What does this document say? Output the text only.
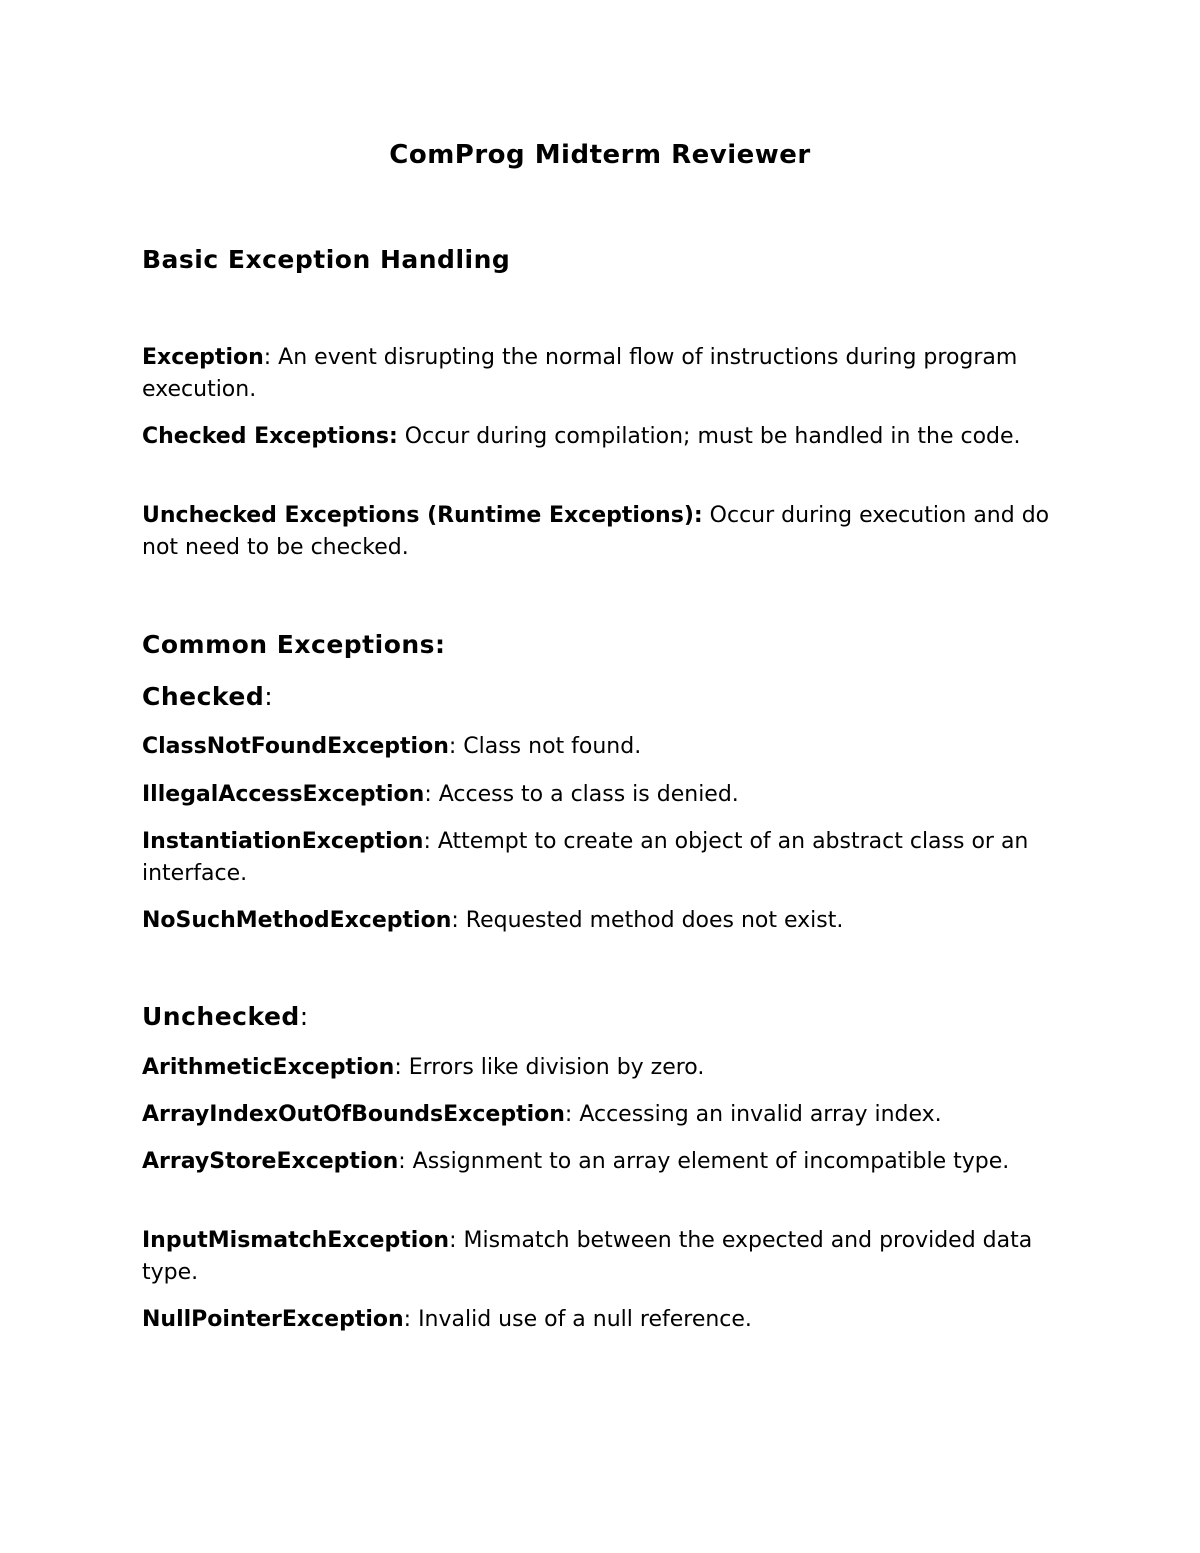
ComProg Midterm Reviewer
Basic Exception Handling

Exception: An event disrupting the normal flow of instructions during program execution.

Checked Exceptions: Occur during compilation; must be handled in the code.

Unchecked Exceptions (Runtime Exceptions): Occur during execution and do not need to be checked.

Common Exceptions:
Checked:

ClassNotFoundException: Class not found.

IllegalAccessException: Access to a class is denied.

InstantiationException: Attempt to create an object of an abstract class or an interface.

NoSuchMethodException: Requested method does not exist.

Unchecked:

ArithmeticException: Errors like division by zero.

ArrayIndexOutOfBoundsException: Accessing an invalid array index.

ArrayStoreException: Assignment to an array element of incompatible type.

InputMismatchException: Mismatch between the expected and provided data type.

NullPointerException: Invalid use of a null reference.
